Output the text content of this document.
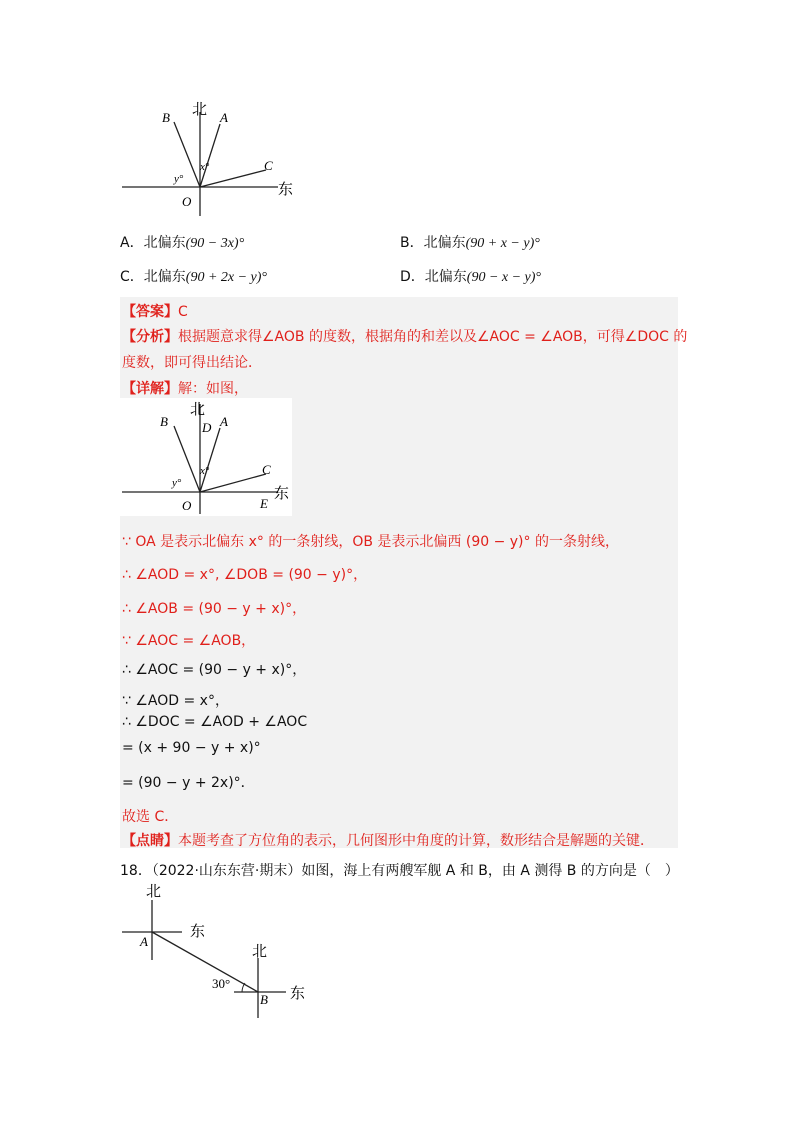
北 A
B
C
O
x°
y°
东
A．北偏东(90 − 3x)°	B．北偏东(90 + x − y)°
C．北偏东(90 + 2x − y)°	D．北偏东(90 − x − y)°
【答案】C
【分析】根据题意求得∠AOB 的度数，根据角的和差以及∠AOC = ∠AOB，可得∠DOC 的
度数，即可得出结论．
【详解】解：如图，
北
D A
B
C
O	E
x°
y°
东
∵ OA 是表示北偏东 x° 的一条射线，OB 是表示北偏西 (90 − y)° 的一条射线，
∴ ∠AOD = x°, ∠DOB = (90 − y)°，
∴ ∠AOB = (90 − y + x)°，
∵ ∠AOC = ∠AOB，
∴ ∠AOC = (90 − y + x)°，
∵ ∠AOD = x°，
∴ ∠DOC = ∠AOD + ∠AOC
= (x + 90 − y + x)°
= (90 − y + 2x)°．
故选 C．
【点睛】本题考查了方位角的表示，几何图形中角度的计算，数形结合是解题的关键．
18．（2022·山东东营·期末）如图，海上有两艘军舰 A 和 B，由 A 测得 B 的方向是（　）
北
东
A
北
东
B
30°
